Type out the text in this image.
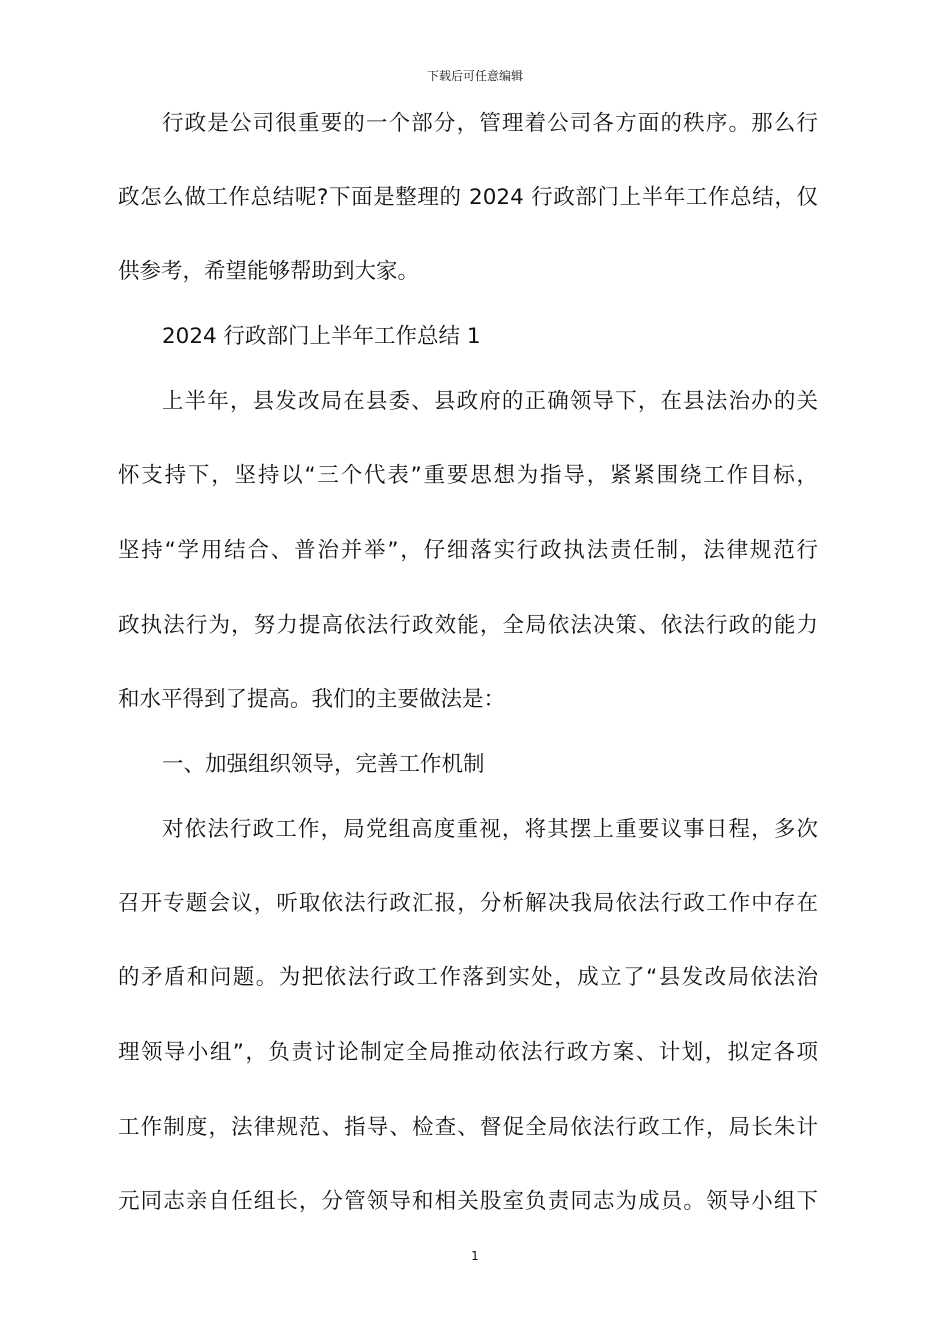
下载后可任意编辑
行政是公司很重要的一个部分，管理着公司各方面的秩序。那么行
政怎么做工作总结呢?下面是整理的 2024 行政部门上半年工作总结，仅
供参考，希望能够帮助到大家。
2024 行政部门上半年工作总结 1
上半年，县发改局在县委、县政府的正确领导下，在县法治办的关
怀支持下，坚持以“三个代表”重要思想为指导，紧紧围绕工作目标，
坚持“学用结合、普治并举”，仔细落实行政执法责任制，法律规范行
政执法行为，努力提高依法行政效能，全局依法决策、依法行政的能力
和水平得到了提高。我们的主要做法是：
一、加强组织领导，完善工作机制
对依法行政工作，局党组高度重视，将其摆上重要议事日程，多次
召开专题会议，听取依法行政汇报，分析解决我局依法行政工作中存在
的矛盾和问题。为把依法行政工作落到实处，成立了“县发改局依法治
理领导小组”，负责讨论制定全局推动依法行政方案、计划，拟定各项
工作制度，法律规范、指导、检查、督促全局依法行政工作，局长朱计
元同志亲自任组长，分管领导和相关股室负责同志为成员。领导小组下
1
